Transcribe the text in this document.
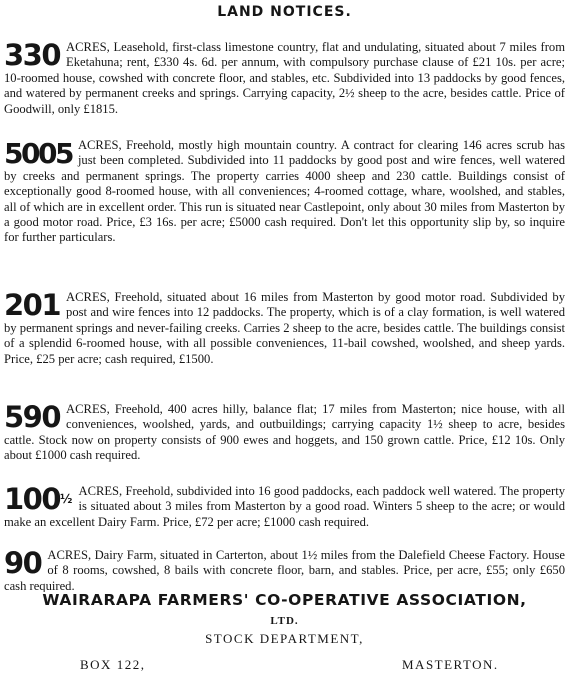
LAND NOTICES.
330 ACRES, Leasehold, first-class limestone country, flat and undulating, situated about 7 miles from Eketahuna; rent, £330 4s. 6d. per annum, with compulsory purchase clause of £21 10s. per acre; 10-roomed house, cowshed with concrete floor, and stables, etc. Subdivided into 13 paddocks by good fences, and watered by permanent creeks and springs. Carrying capacity, 2½ sheep to the acre, besides cattle. Price of Goodwill, only £1815.
5005 ACRES, Freehold, mostly high mountain country. A contract for clearing 146 acres scrub has just been completed. Subdivided into 11 paddocks by good post and wire fences, well watered by creeks and permanent springs. The property carries 4000 sheep and 230 cattle. Buildings consist of exceptionally good 8-roomed house, with all conveniences; 4-roomed cottage, whare, woolshed, and stables, all of which are in excellent order. This run is situated near Castlepoint, only about 30 miles from Masterton by a good motor road. Price, £3 16s. per acre; £5000 cash required. Don't let this opportunity slip by, so inquire for further particulars.
201 ACRES, Freehold, situated about 16 miles from Masterton by good motor road. Subdivided by post and wire fences into 12 paddocks. The property, which is of a clay formation, is well watered by permanent springs and never-failing creeks. Carries 2 sheep to the acre, besides cattle. The buildings consist of a splendid 6-roomed house, with all possible conveniences, 11-bail cowshed, woolshed, and sheep yards. Price, £25 per acre; cash required, £1500.
590 ACRES, Freehold, 400 acres hilly, balance flat; 17 miles from Masterton; nice house, with all conveniences, woolshed, yards, and outbuildings; carrying capacity 1½ sheep to acre, besides cattle. Stock now on property consists of 900 ewes and hoggets, and 150 grown cattle. Price, £12 10s. Only about £1000 cash required.
$100^{\frac{1}{2}}$
ACRES, Freehold, subdivided into 16 good paddocks, each paddock well watered. The property is situated about 3 miles from Masterton by a good road. Winters 5 sheep to the acre; or would make an excellent Dairy Farm. Price, £72 per acre; £1000 cash required.
90 ACRES, Dairy Farm, situated in Carterton, about 1½ miles from the Dalefield Cheese Factory. House of 8 rooms, cowshed, 8 bails with concrete floor, barn, and stables. Price, per acre, £55; only £650 cash required.
WAIRARAPA FARMERS' CO-OPERATIVE ASSOCIATION,
LTD.
STOCK DEPARTMENT,
BOX 122,	MASTERTON.
